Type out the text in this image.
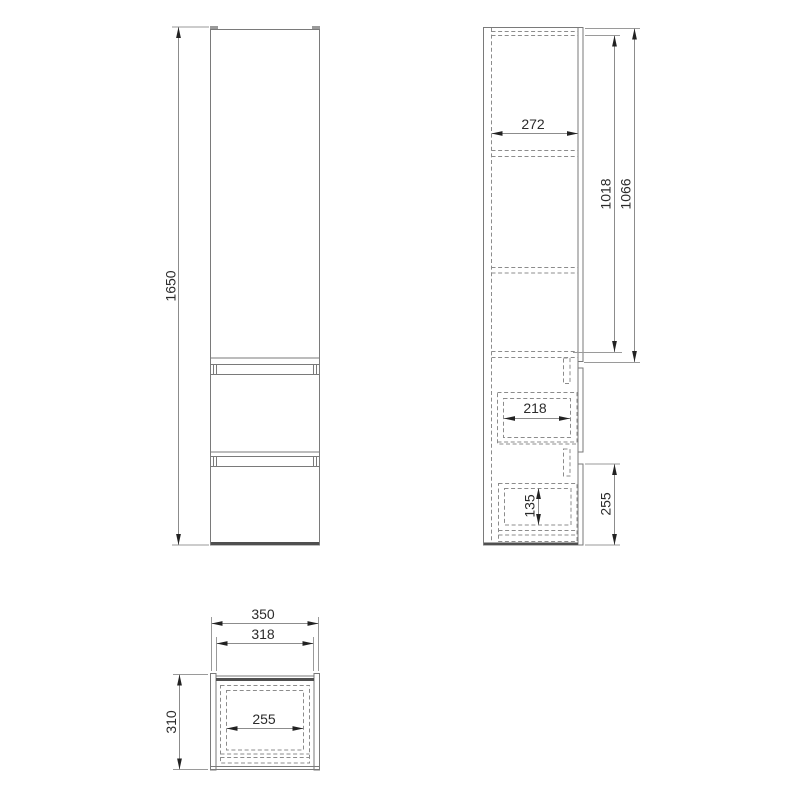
1650
272
1018 1066
218
135	255
350
318
255
310
